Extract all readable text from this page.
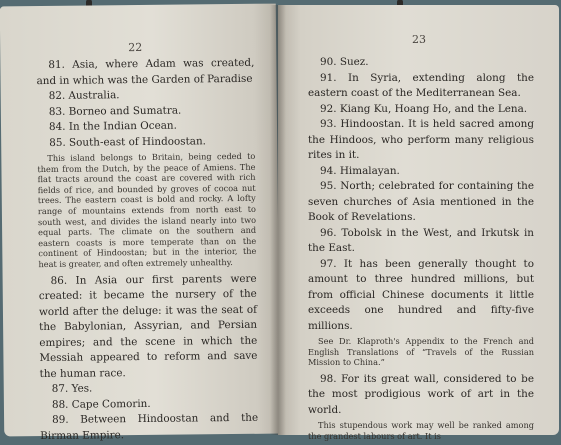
22

81. Asia, where Adam was created, and in which was the Garden of Paradise

82. Australia.

83. Borneo and Sumatra.

84. In the Indian Ocean.

85. South-east of Hindoostan.

This island belongs to Britain, being ceded to them from the Dutch, by the peace of Amiens. The flat tracts around the coast are covered with rich fields of rice, and bounded by groves of cocoa nut trees. The eastern coast is bold and rocky. A lofty range of mountains extends from north east to south west, and divides the island nearly into two equal parts. The climate on the southern and eastern coasts is more temperate than on the continent of Hindoostan; but in the interior, the heat is greater, and often extremely unhealthy.

86. In Asia our first parents were created: it became the nursery of the world after the deluge: it was the seat of the Babylonian, Assyrian, and Persian empires; and the scene in which the Messiah appeared to reform and save the human race.

87. Yes.

88. Cape Comorin.

89. Between Hindoostan and the Birman Empire.

23

90. Suez.

91. In Syria, extending along the eastern coast of the Mediterranean Sea.

92. Kiang Ku, Hoang Ho, and the Lena.

93. Hindoostan. It is held sacred among the Hindoos, who perform many religious rites in it.

94. Himalayan.

95. North; celebrated for containing the seven churches of Asia mentioned in the Book of Revelations.

96. Tobolsk in the West, and Irkutsk in the East.

97. It has been generally thought to amount to three hundred millions, but from official Chinese documents it little exceeds one hundred and fifty-five millions.

See Dr. Klaproth's Appendix to the French and English Translations of “Travels of the Russian Mission to China.”

98. For its great wall, considered to be the most prodigious work of art in the world.

This stupendous work may well be ranked among the grandest labours of art. It is
